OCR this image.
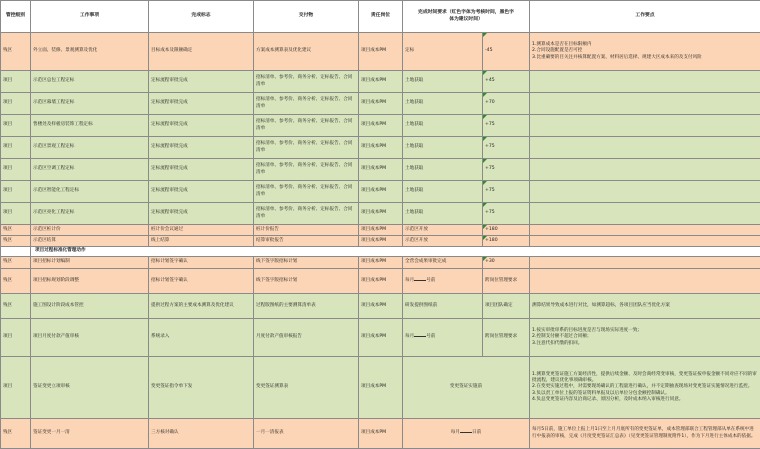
管控级别	工作事项	完成标志	交付物	责任岗位	完成时间要求（红色字体为考核时间，黑色字
体为建议时间）		工作要点
残区	外立面、装修、景观测算及优化	目标成本及限额确定	方案成本测算表及优化建议	项目成本PM	定标	-45	1.测算成本是否在目标限额内
2.合同设施配置是否可控
3.比重确要的目关注并核算配置方案、材料居后选择、规建大区成本来的及支付风险

项目	示范区总包工程定标	定标流程审批完成	招标清单、参考价、商务分析、定标报告、合同清单	项目成本PM	土地获取	+45	
项目	示范区幕墙工程定标	定标流程审批完成	招标清单、参考价、商务分析、定标报告、合同清单	项目成本PM	土地获取	+70	
项目	售楼处及样板房装饰工程定标	定标流程审批完成	招标清单、参考价、商务分析、定标报告、合同清单	项目成本PM	土地获取	+75	
项目	示范区景观工程定标	定标流程审批完成	招标清单、参考价、商务分析、定标报告、合同清单	项目成本PM	土地获取	+75	
项目	示范区空调工程定标	定标流程审批完成	招标清单、参考价、商务分析、定标报告、合同清单	项目成本PM	土地获取	+75	
项目	示范区智能化工程定标	定标流程审批完成	招标清单、参考价、商务分析、定标报告、合同清单	项目成本PM	土地获取	+75	
项目	示范区亮化工程定标	定标流程审批完成	招标清单、参考价、商务分析、定标报告、合同清单	项目成本PM	土地获取	+75	
残区	示范区桩计价	桩计价会议通过	桩计价报告	项目成本PM	示范区开放	+180	
残区	示范区结算	线上结算	结算审批报告	项目成本PM	示范区开放	+180	
	项目过程标准化管理动作						
残区	项目招标计划编制	招标计划签字确认	线下签字版招标计划	项目成本PM	全营会成果审批完成	+30	
残区	项目招标规划阶段调整	招标计划签字确认	线下签字版招标计划	项目成本PM	每月 号前	跨岗位管理要求	
残区	施工图设计阶段成本管控	提供过程方案的主要成本测算及优化建议	过程版图纸的主要测算清单表	项目成本PM	研发提供图纸前	项目团队确定	测算结果导致成本进行对比，如测算超标，各项目团队应当优化方案
项目	项目月度付款产值审核	系统录入	月度付款产值审核报告	项目成本PM	每月 号前	跨岗位管理要求	1.按实审批审系的目标进度是否与现场实际进度一致；
2.控制支付额不超过合同额；
3.注意代扣代缴的扣回。

项目	签证变更立项审核	变更签证指令单下发	变更签证测算表	项目成本PM	变更签证实施前		1.测算变更签证施工方案经济性，提供后续金额、及时会商经常变审核，变更签证按申报金额不同对应不同的审批流程，建议优化事项确审核。
2.在变更实施过程中，对需要现场确认的工程量进行确认，并不定期抽查现场对变更签证实施情况进行监控。
3.负以责工单位上报的签证资料单报及以后单位分包金额控制确认。
4.负总变更签证内容及洽商记录、原因分析，及时成本纳入审核进行同意。

残区	签证变更一月一清	三方核对确认	一月一清报表	项目成本PM	每月 日前		每月5日前，施工单位上报上月1日至上月月底所有的变更签证单，成本管理部联合工程管理部从单在系统中进行中报表的审核，完成《月度变更签证汇总表》（见变更签证管理制度附件1），作为下月进行主体成本的依据。
